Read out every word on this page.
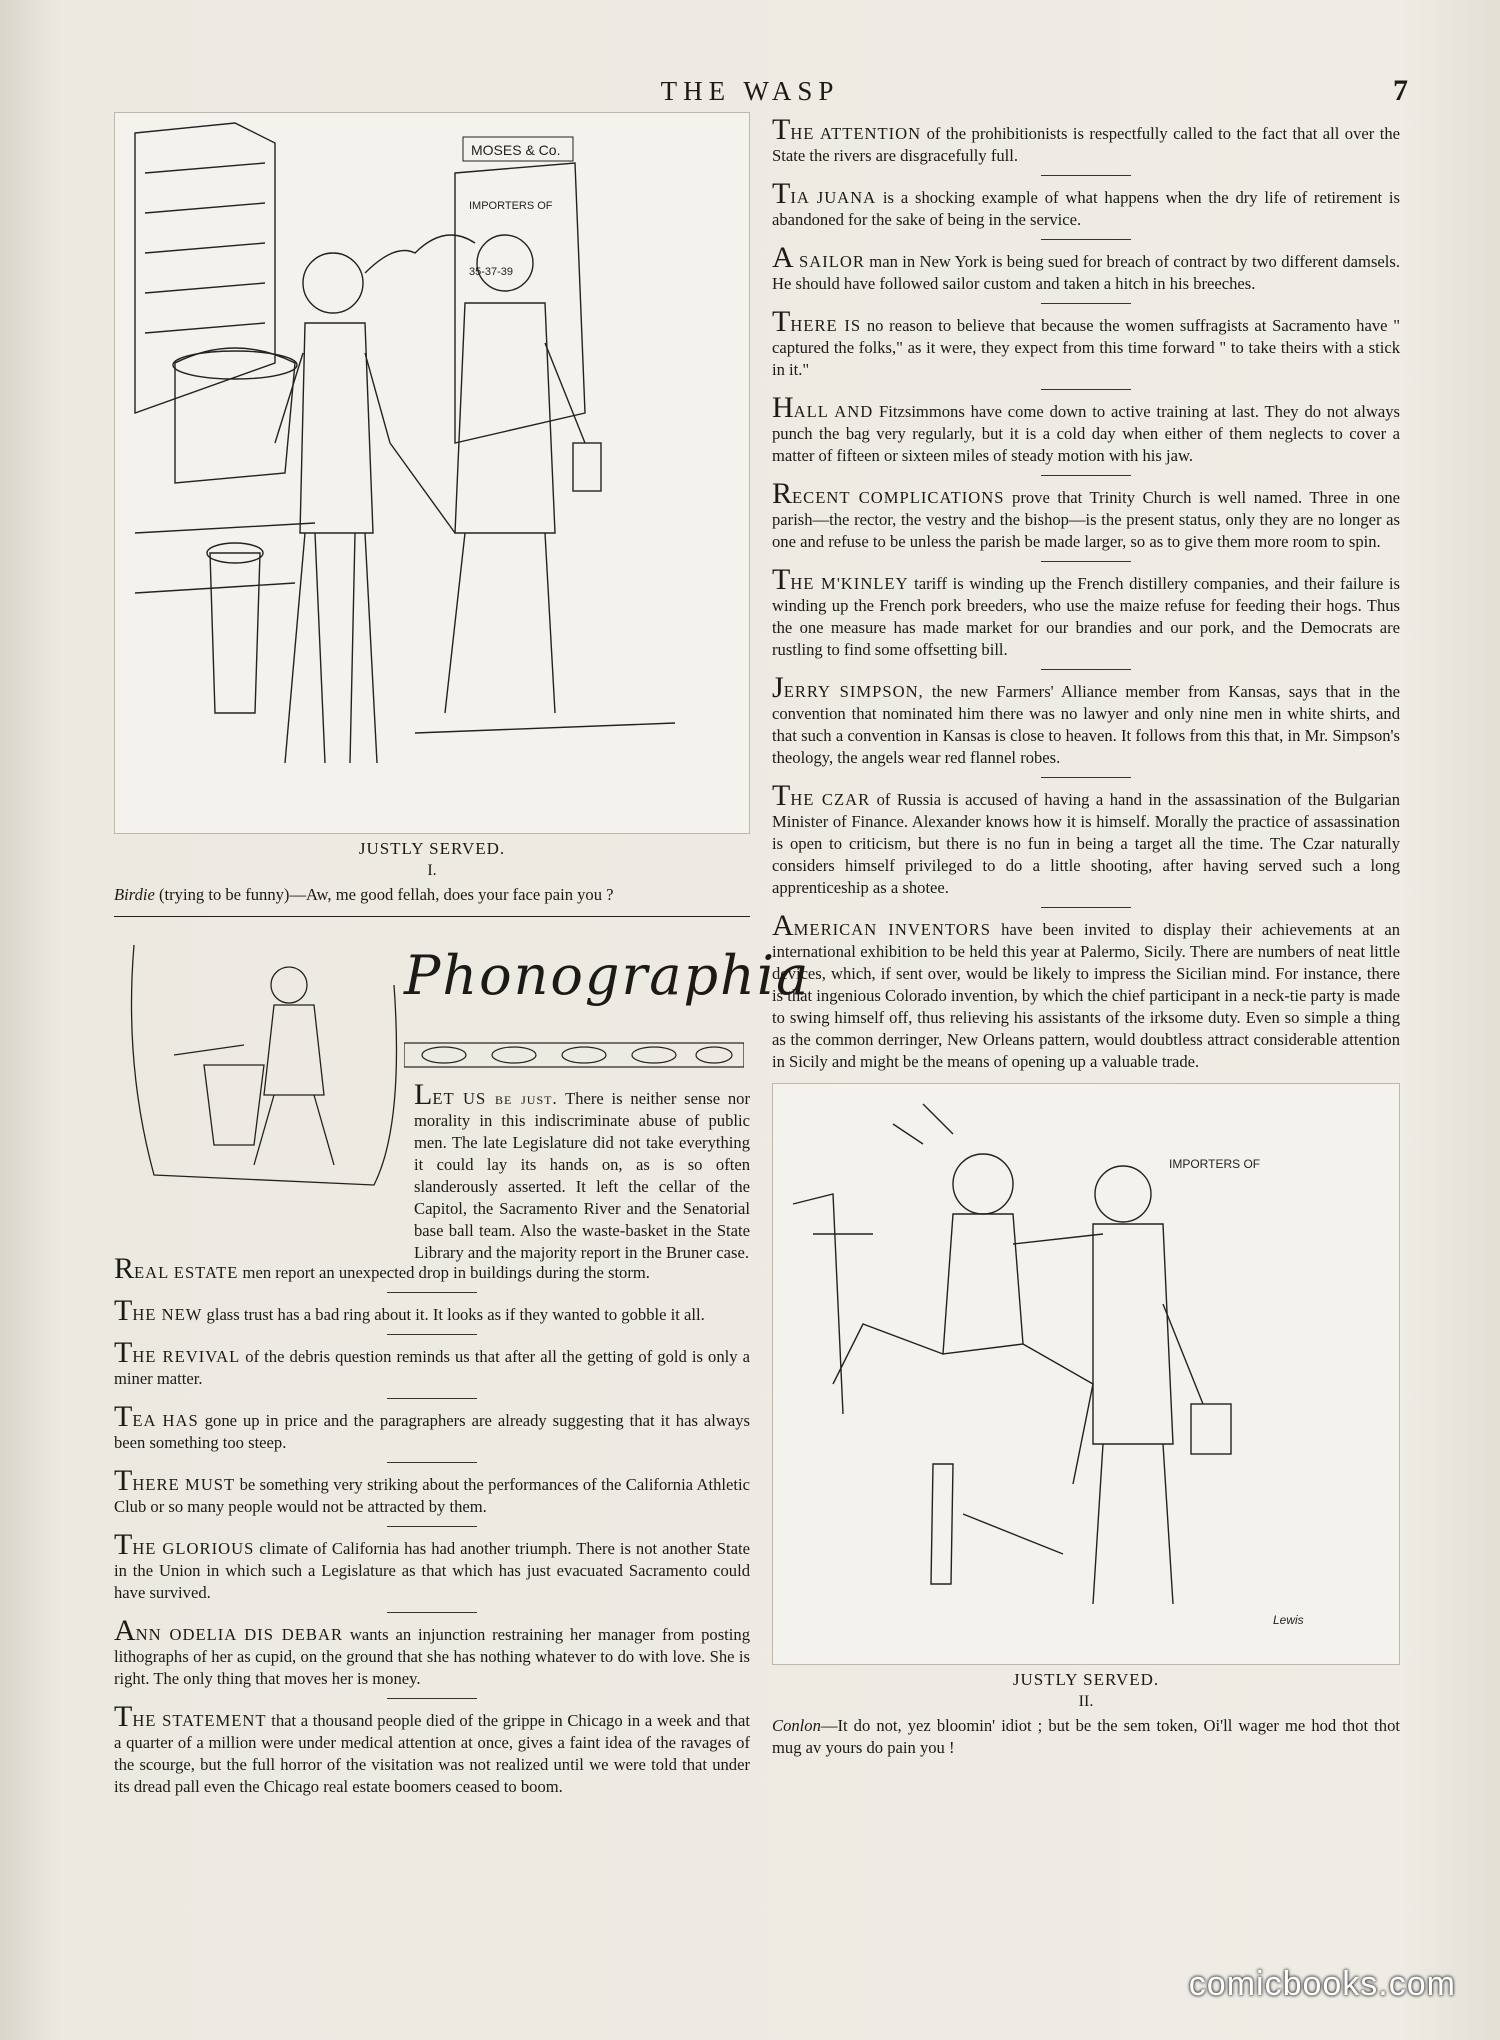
THE WASP	7
MOSES & Co.
IMPORTERS OF
35-37-39
JUSTLY SERVED.
I.
Birdie (trying to be funny)—Aw, me good fellah, does your face pain you ?
Phonographia

LET US be just. There is neither sense nor morality in this indiscriminate abuse of public men. The late Legislature did not take everything it could lay its hands on, as is so often slanderously asserted. It left the cellar of the Capitol, the Sacramento River and the Senatorial base ball team. Also the waste-basket in the State Library and the majority report in the Bruner case.

REAL ESTATE men report an unexpected drop in buildings during the storm.

THE NEW glass trust has a bad ring about it. It looks as if they wanted to gobble it all.

THE REVIVAL of the debris question reminds us that after all the getting of gold is only a miner matter.

TEA HAS gone up in price and the paragraphers are already suggesting that it has always been something too steep.

THERE MUST be something very striking about the performances of the California Athletic Club or so many people would not be attracted by them.

THE GLORIOUS climate of California has had another triumph. There is not another State in the Union in which such a Legislature as that which has just evacuated Sacramento could have survived.

ANN ODELIA DIS DEBAR wants an injunction restraining her manager from posting lithographs of her as cupid, on the ground that she has nothing whatever to do with love. She is right. The only thing that moves her is money.

THE STATEMENT that a thousand people died of the grippe in Chicago in a week and that a quarter of a million were under medical attention at once, gives a faint idea of the ravages of the scourge, but the full horror of the visitation was not realized until we were told that under its dread pall even the Chicago real estate boomers ceased to boom.

THE ATTENTION of the prohibitionists is respectfully called to the fact that all over the State the rivers are disgracefully full.

TIA JUANA is a shocking example of what happens when the dry life of retirement is abandoned for the sake of being in the service.

A SAILOR man in New York is being sued for breach of contract by two different damsels. He should have followed sailor custom and taken a hitch in his breeches.

THERE IS no reason to believe that because the women suffragists at Sacramento have " captured the folks," as it were, they expect from this time forward " to take theirs with a stick in it."

HALL AND Fitzsimmons have come down to active training at last. They do not always punch the bag very regularly, but it is a cold day when either of them neglects to cover a matter of fifteen or sixteen miles of steady motion with his jaw.

RECENT COMPLICATIONS prove that Trinity Church is well named. Three in one parish—the rector, the vestry and the bishop—is the present status, only they are no longer as one and refuse to be unless the parish be made larger, so as to give them more room to spin.

THE M'KINLEY tariff is winding up the French distillery companies, and their failure is winding up the French pork breeders, who use the maize refuse for feeding their hogs. Thus the one measure has made market for our brandies and our pork, and the Democrats are rustling to find some offsetting bill.

JERRY SIMPSON, the new Farmers' Alliance member from Kansas, says that in the convention that nominated him there was no lawyer and only nine men in white shirts, and that such a convention in Kansas is close to heaven. It follows from this that, in Mr. Simpson's theology, the angels wear red flannel robes.

THE CZAR of Russia is accused of having a hand in the assassination of the Bulgarian Minister of Finance. Alexander knows how it is himself. Morally the practice of assassination is open to criticism, but there is no fun in being a target all the time. The Czar naturally considers himself privileged to do a little shooting, after having served such a long apprenticeship as a shotee.

AMERICAN INVENTORS have been invited to display their achievements at an international exhibition to be held this year at Palermo, Sicily. There are numbers of neat little devices, which, if sent over, would be likely to impress the Sicilian mind. For instance, there is that ingenious Colorado invention, by which the chief participant in a neck-tie party is made to swing himself off, thus relieving his assistants of the irksome duty. Even so simple a thing as the common derringer, New Orleans pattern, would doubtless attract considerable attention in Sicily and might be the means of opening up a valuable trade.

IMPORTERS OF
Lewis
JUSTLY SERVED.
II.
Conlon—It do not, yez bloomin' idiot ; but be the sem token, Oi'll wager me hod thot thot mug av yours do pain you !
comicbooks.com
